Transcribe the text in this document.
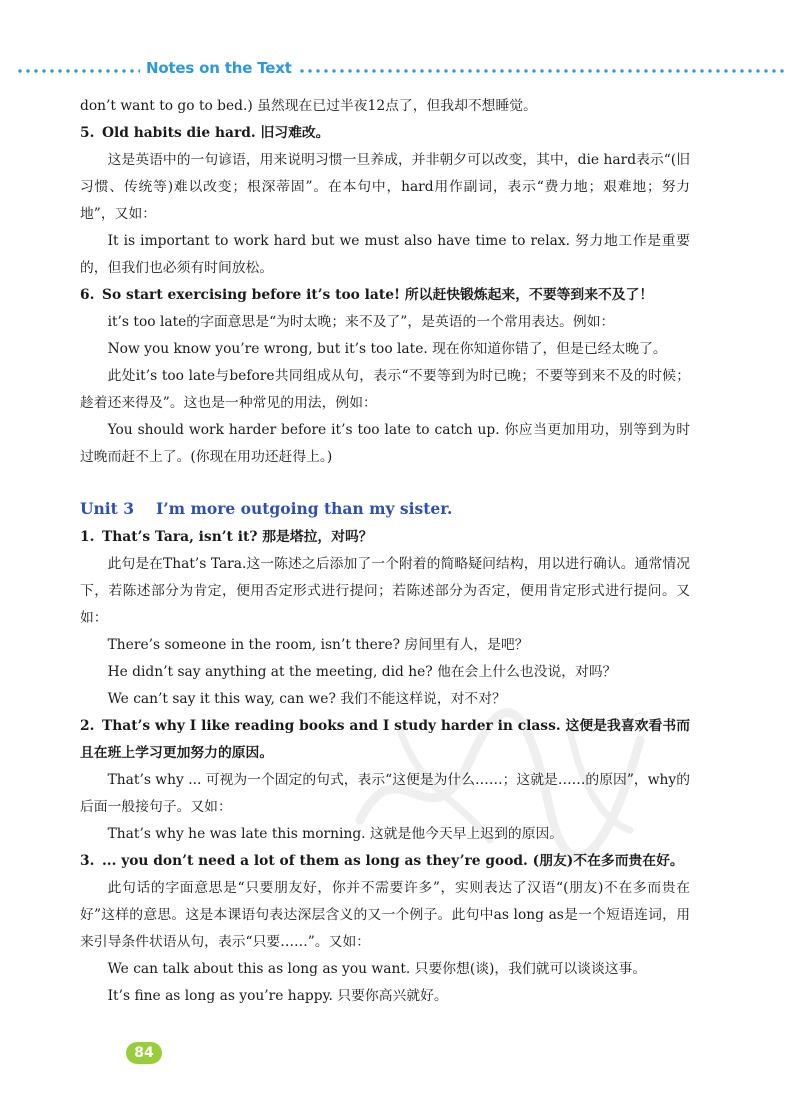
Notes on the Text

don’t want to go to bed.) 虽然现在已过半夜12点了，但我却不想睡觉。

5. Old habits die hard. 旧习难改。

这是英语中的一句谚语，用来说明习惯一旦养成，并非朝夕可以改变，其中，die hard表示“(旧习惯、传统等)难以改变；根深蒂固”。在本句中，hard用作副词，表示“费力地；艰难地；努力地”，又如：

It is important to work hard but we must also have time to relax. 努力地工作是重要的，但我们也必须有时间放松。

6. So start exercising before it’s too late! 所以赶快锻炼起来，不要等到来不及了！

it’s too late的字面意思是“为时太晚；来不及了”，是英语的一个常用表达。例如：

Now you know you’re wrong, but it’s too late. 现在你知道你错了，但是已经太晚了。

此处it’s too late与before共同组成从句，表示“不要等到为时已晚；不要等到来不及的时候；趁着还来得及”。这也是一种常见的用法，例如：

You should work harder before it’s too late to catch up. 你应当更加用功，别等到为时过晚而赶不上了。(你现在用功还赶得上。)

Unit 3 I’m more outgoing than my sister.

1. That’s Tara, isn’t it? 那是塔拉，对吗？

此句是在That’s Tara.这一陈述之后添加了一个附着的简略疑问结构，用以进行确认。通常情况下，若陈述部分为肯定，便用否定形式进行提问；若陈述部分为否定，便用肯定形式进行提问。又如：

There’s someone in the room, isn’t there? 房间里有人，是吧？

He didn’t say anything at the meeting, did he? 他在会上什么也没说，对吗？

We can’t say it this way, can we? 我们不能这样说，对不对？

2. That’s why I like reading books and I study harder in class. 这便是我喜欢看书而且在班上学习更加努力的原因。

That’s why ... 可视为一个固定的句式，表示“这便是为什么……；这就是……的原因”，why的后面一般接句子。又如：

That’s why he was late this morning. 这就是他今天早上迟到的原因。

3. ... you don’t need a lot of them as long as they’re good. (朋友)不在多而贵在好。

此句话的字面意思是“只要朋友好，你并不需要许多”，实则表达了汉语“(朋友)不在多而贵在好”这样的意思。这是本课语句表达深层含义的又一个例子。此句中as long as是一个短语连词，用来引导条件状语从句，表示“只要……”。又如：

We can talk about this as long as you want. 只要你想(谈)，我们就可以谈谈这事。

It’s fine as long as you’re happy. 只要你高兴就好。

84
